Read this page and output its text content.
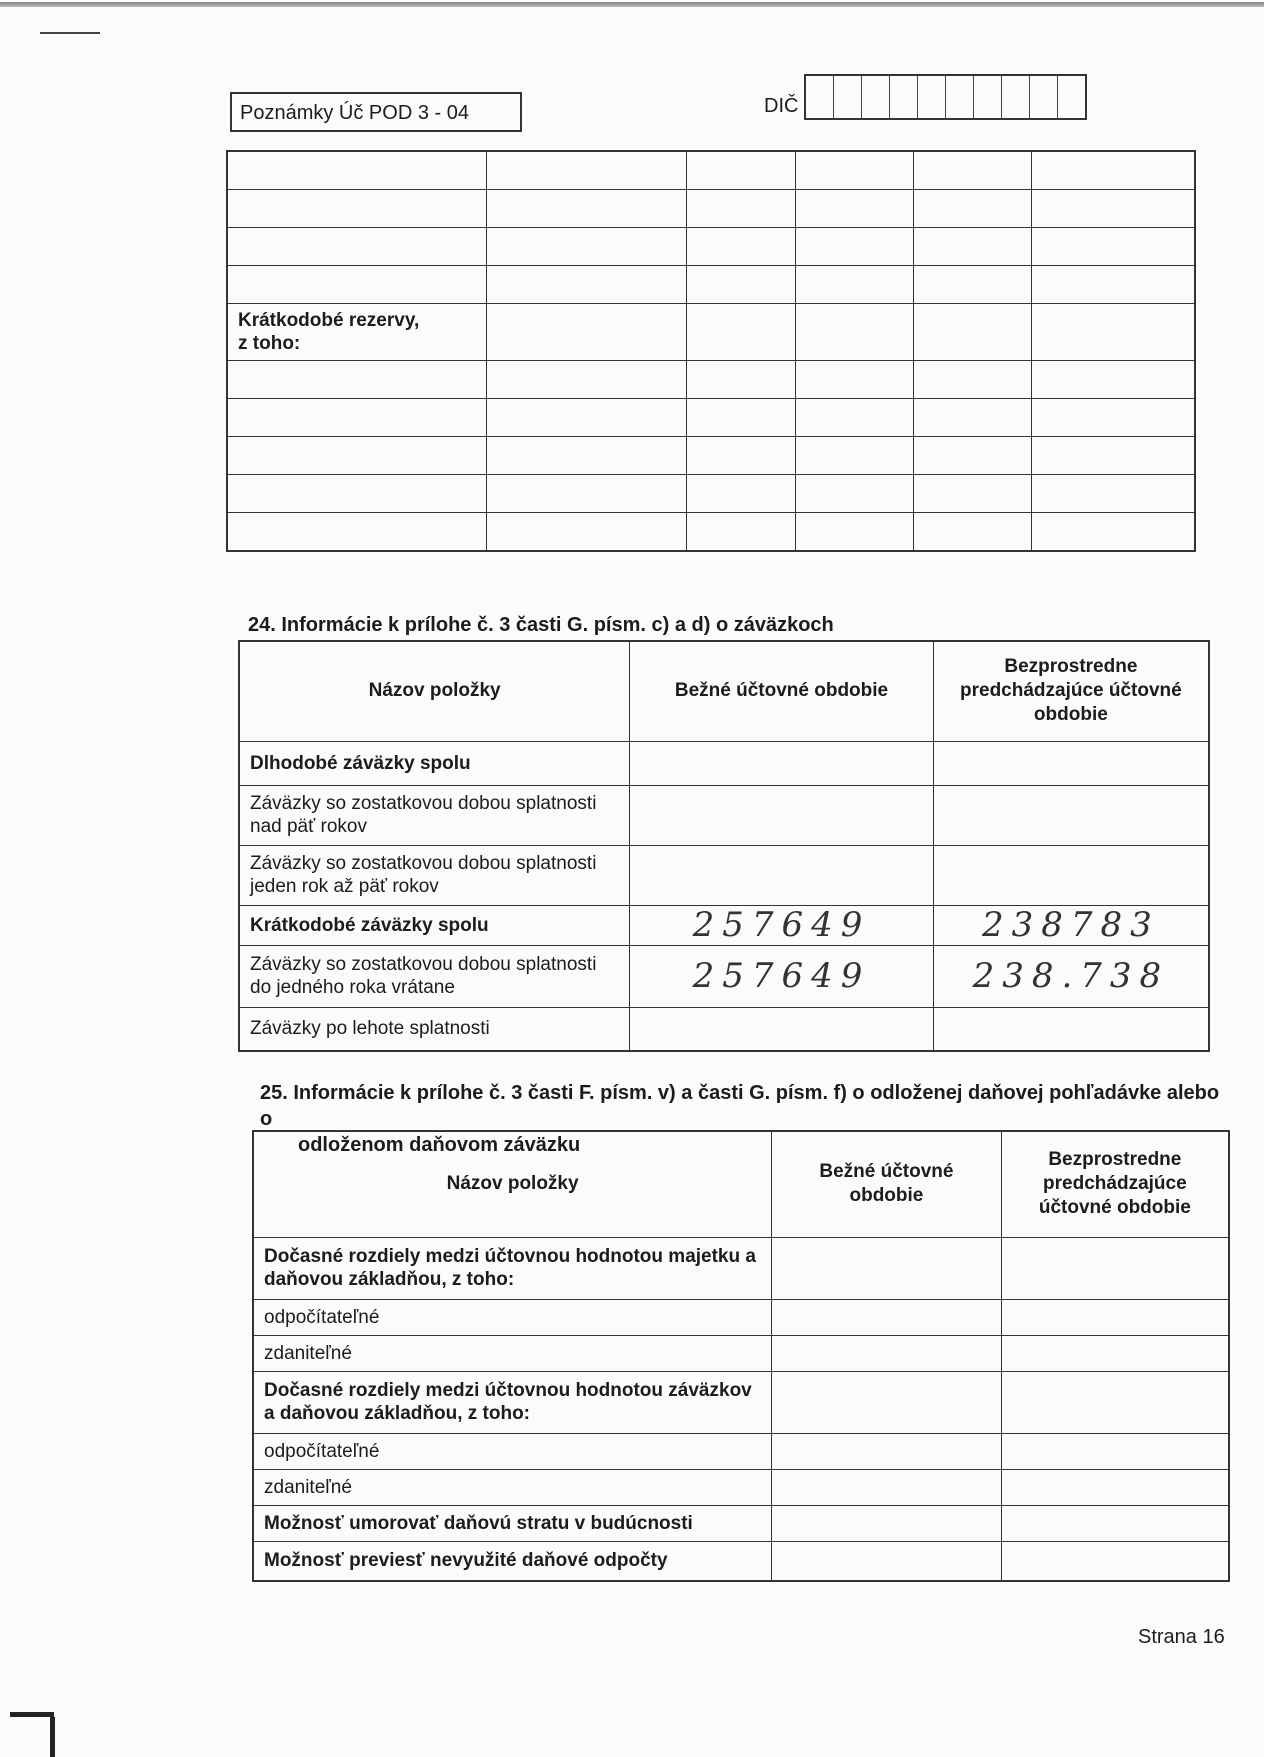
Poznámky Úč POD 3 - 04	DIČ

Krátkodobé rezervy,
z toho:					

24. Informácie k prílohe č. 3 časti G. písm. c) a d) o záväzkoch
Názov položky	Bežné účtovné obdobie	Bezprostredne predchádzajúce účtovné obdobie
Dlhodobé záväzky spolu		
Záväzky so zostatkovou dobou splatnosti nad päť rokov		
Záväzky so zostatkovou dobou splatnosti jeden rok až päť rokov		
Krátkodobé záväzky spolu	257649	238783
Záväzky so zostatkovou dobou splatnosti do jedného roka vrátane	257649	238.738
Záväzky po lehote splatnosti		
25. Informácie k prílohe č. 3 časti F. písm. v) a časti G. písm. f) o odloženej daňovej pohľadávke alebo o
odloženom daňovom záväzku
Názov položky	Bežné účtovné obdobie	Bezprostredne predchádzajúce účtovné obdobie
Dočasné rozdiely medzi účtovnou hodnotou majetku a daňovou základňou, z toho:		
odpočítateľné		
zdaniteľné		
Dočasné rozdiely medzi účtovnou hodnotou záväzkov a daňovou základňou, z toho:		
odpočítateľné		
zdaniteľné		
Možnosť umorovať daňovú stratu v budúcnosti		
Možnosť previesť nevyužité daňové odpočty		
Strana 16
